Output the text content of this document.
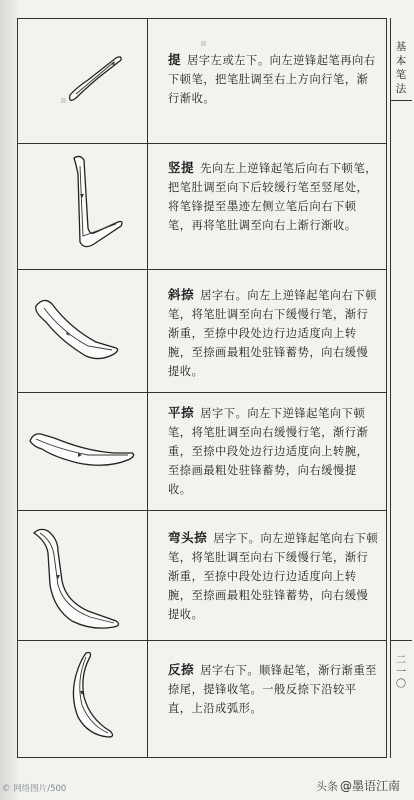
▪
▪
提 居字左或左下。向左逆锋起笔再向右下顿笔，把笔肚调至右上方向行笔，渐行渐收。
竖提 先向左上逆锋起笔后向右下顿笔，把笔肚调至向下后较缓行笔至竖尾处，将笔锋提至墨迹左侧立笔后向右下顿笔，再将笔肚调至向右上渐行渐收。
斜捺 居字右。向左上逆锋起笔向右下顿笔，将笔肚调至向右下缓慢行笔，渐行渐重，至捺中段处边行边适度向上转腕，至捺画最粗处驻锋蓄势，向右缓慢提收。
平捺 居字下。向左下逆锋起笔向下顿笔，将笔肚调至向右缓慢行笔，渐行渐重，至捺中段处边行边适度向上转腕，至捺画最粗处驻锋蓄势，向右缓慢提收。
弯头捺 居字下。向左逆锋起笔向右下顿笔，将笔肚调至向右下缓慢行笔，渐行渐重，至捺中段处边行边适度向上转腕，至捺画最粗处驻锋蓄势，向右缓慢提收。
反捺 居字右下。顺锋起笔，渐行渐重至捺尾，提锋收笔。一般反捺下沿较平直，上沿成弧形。
基本笔法
二一〇
© 网络图片/500	头条 @墨语江南
